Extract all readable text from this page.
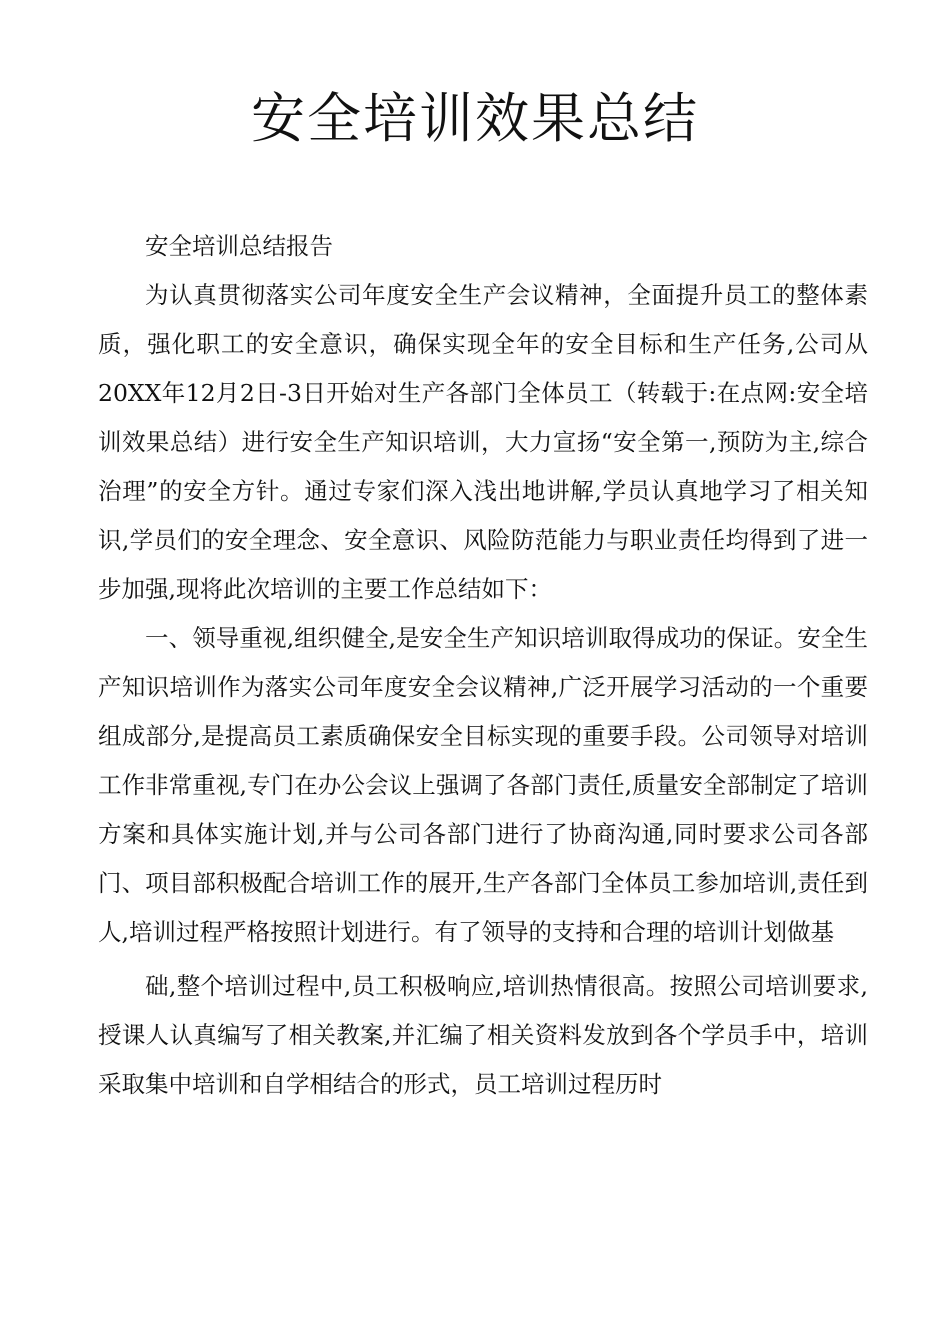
安全培训效果总结

安全培训总结报告

为认真贯彻落实公司年度安全生产会议精神，全面提升员工的整体素质，强化职工的安全意识，确保实现全年的安全目标和生产任务,公司从20XX年12月2日-3日开始对生产各部门全体员工（转载于:在点网:安全培训效果总结）进行安全生产知识培训，大力宣扬“安全第一,预防为主,综合治理”的安全方针。通过专家们深入浅出地讲解,学员认真地学习了相关知识,学员们的安全理念、安全意识、风险防范能力与职业责任均得到了进一步加强,现将此次培训的主要工作总结如下：

一、领导重视,组织健全,是安全生产知识培训取得成功的保证。安全生产知识培训作为落实公司年度安全会议精神,广泛开展学习活动的一个重要组成部分,是提高员工素质确保安全目标实现的重要手段。公司领导对培训工作非常重视,专门在办公会议上强调了各部门责任,质量安全部制定了培训方案和具体实施计划,并与公司各部门进行了协商沟通,同时要求公司各部门、项目部积极配合培训工作的展开,生产各部门全体员工参加培训,责任到人,培训过程严格按照计划进行。有了领导的支持和合理的培训计划做基

础,整个培训过程中,员工积极响应,培训热情很高。按照公司培训要求,授课人认真编写了相关教案,并汇编了相关资料发放到各个学员手中，培训采取集中培训和自学相结合的形式，员工培训过程历时
